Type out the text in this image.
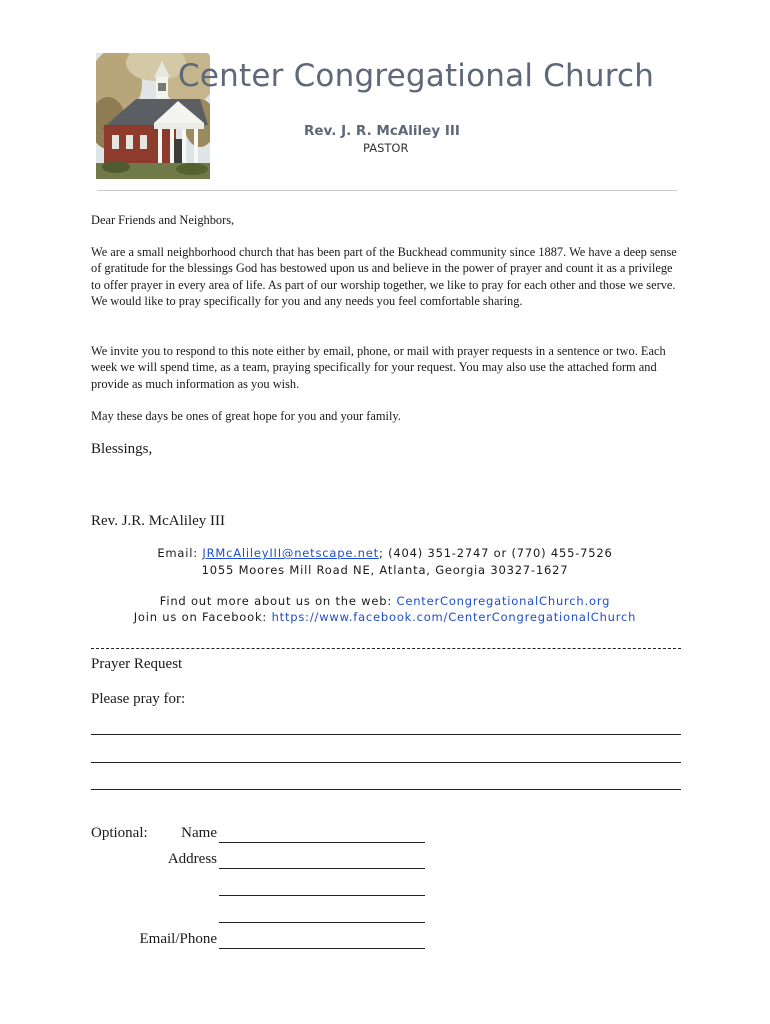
Center Congregational Church

Rev. J. R. McAliley III

PASTOR

Dear Friends and Neighbors,

We are a small neighborhood church that has been part of the Buckhead community since 1887. We have a deep sense of gratitude for the blessings God has bestowed upon us and believe in the power of prayer and count it as a privilege to offer prayer in every area of life. As part of our worship together, we like to pray for each other and those we serve. We would like to pray specifically for you and any needs you feel comfortable sharing.

We invite you to respond to this note either by email, phone, or mail with prayer requests in a sentence or two. Each week we will spend time, as a team, praying specifically for your request. You may also use the attached form and provide as much information as you wish.

May these days be ones of great hope for you and your family.

Blessings,

Rev. J.R. McAliley III

Email: JRMcAlileyIII@netscape.net; (404) 351-2747 or (770) 455-7526

1055 Moores Mill Road NE, Atlanta, Georgia 30327-1627

Find out more about us on the web: CenterCongregationalChurch.org

Join us on Facebook: https://www.facebook.com/CenterCongregationalChurch

Prayer Request

Please pray for:

Optional:	Name

Address

Email/Phone
